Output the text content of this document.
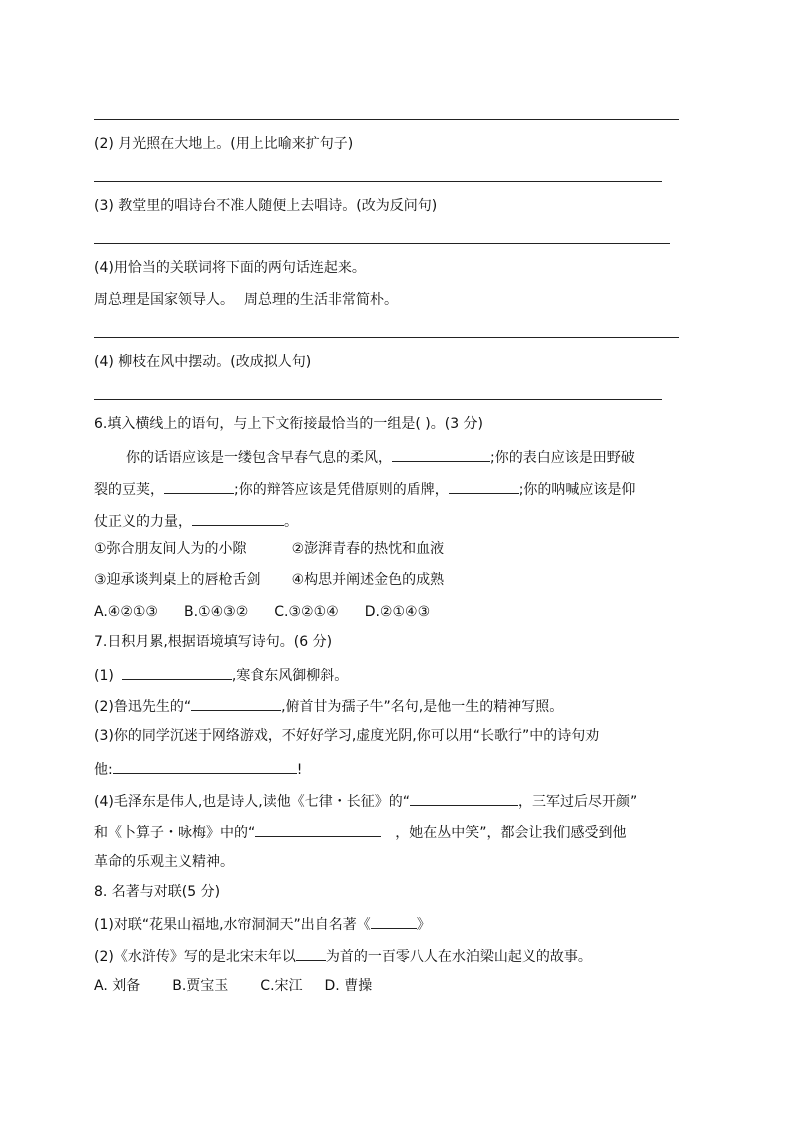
(2) 月光照在大地上。(用上比喻来扩句子)
(3) 教堂里的唱诗台不准人随便上去唱诗。(改为反问句)
(4)用恰当的关联词将下面的两句话连起来。
周总理是国家领导人。 周总理的生活非常简朴。
(4) 柳枝在风中摆动。(改成拟人句)
6.填入横线上的语句，与上下文衔接最恰当的一组是( )。(3 分)
你的话语应该是一缕包含早春气息的柔风，	;你的表白应该是田野破
裂的豆荚，	;你的辩答应该是凭借原则的盾牌，	;你的呐喊应该是仰
仗正义的力量，	。
①弥合朋友间人为的小隙	②澎湃青春的热忱和血液
③迎承谈判桌上的唇枪舌剑 ④构思并阐述金色的成熟
A.④②①③ B.①④③② C.③②①④ D.②①④③
7.日积月累,根据语境填写诗句。(6 分)
(1)	,寒食东风御柳斜。
(2)鲁迅先生的“	,俯首甘为孺子牛”名句,是他一生的精神写照。
(3)你的同学沉迷于网络游戏，不好好学习,虚度光阴,你可以用“长歌行”中的诗句劝
他:	!
(4)毛泽东是伟人,也是诗人,读他《七律・长征》的“	，三军过后尽开颜”
和《卜算子・咏梅》中的“	，她在丛中笑”，都会让我们感受到他
革命的乐观主义精神。
8. 名著与对联(5 分)
(1)对联“花果山福地,水帘洞洞天”出自名著《	》
(2)《水浒传》写的是北宋末年以 为首的一百零八人在水泊梁山起义的故事。
A. 刘备 B.贾宝玉 C.宋江 D. 曹操
